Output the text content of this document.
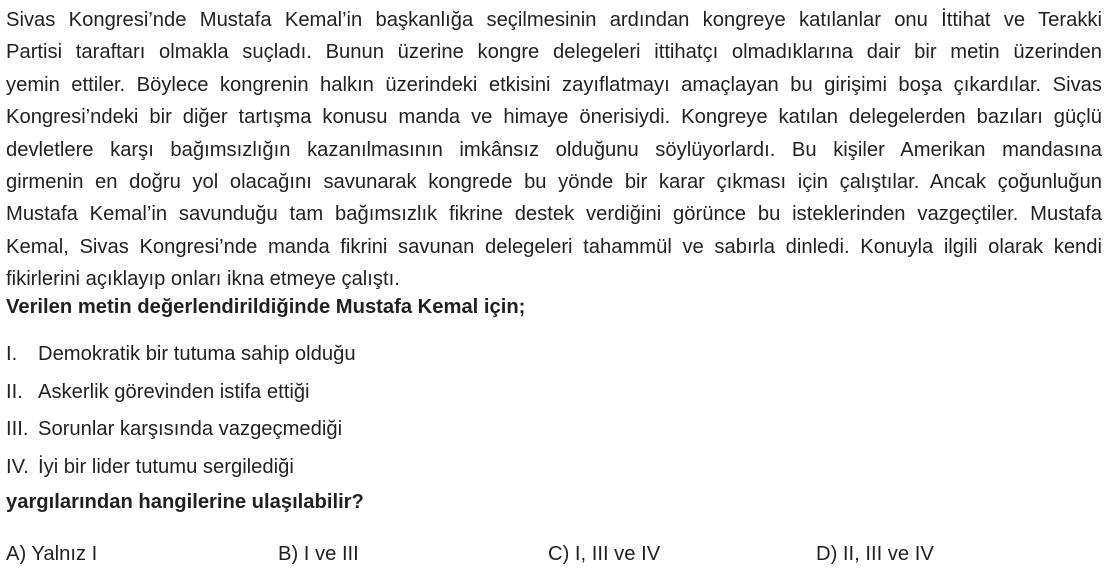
Sivas Kongresi’nde Mustafa Kemal’in başkanlığa seçilmesinin ardından kongreye katılanlar onu İttihat ve Terakki
Partisi taraftarı olmakla suçladı. Bunun üzerine kongre delegeleri ittihatçı olmadıklarına dair bir metin üzerinden
yemin ettiler. Böylece kongrenin halkın üzerindeki etkisini zayıflatmayı amaçlayan bu girişimi boşa çıkardılar. Sivas
Kongresi’ndeki bir diğer tartışma konusu manda ve himaye önerisiydi. Kongreye katılan delegelerden bazıları güçlü
devletlere karşı bağımsızlığın kazanılmasının imkânsız olduğunu söylüyorlardı. Bu kişiler Amerikan mandasına
girmenin en doğru yol olacağını savunarak kongrede bu yönde bir karar çıkması için çalıştılar. Ancak çoğunluğun
Mustafa Kemal’in savunduğu tam bağımsızlık fikrine destek verdiğini görünce bu isteklerinden vazgeçtiler. Mustafa
Kemal, Sivas Kongresi’nde manda fikrini savunan delegeleri tahammül ve sabırla dinledi. Konuyla ilgili olarak kendi
fikirlerini açıklayıp onları ikna etmeye çalıştı.
Verilen metin değerlendirildiğinde Mustafa Kemal için;
I.	Demokratik bir tutuma sahip olduğu
II. Askerlik görevinden istifa ettiği
III. Sorunlar karşısında vazgeçmediği
IV. İyi bir lider tutumu sergilediği
yargılarından hangilerine ulaşılabilir?
A) Yalnız I	B) I ve III	C) I, III ve IV	D) II, III ve IV
